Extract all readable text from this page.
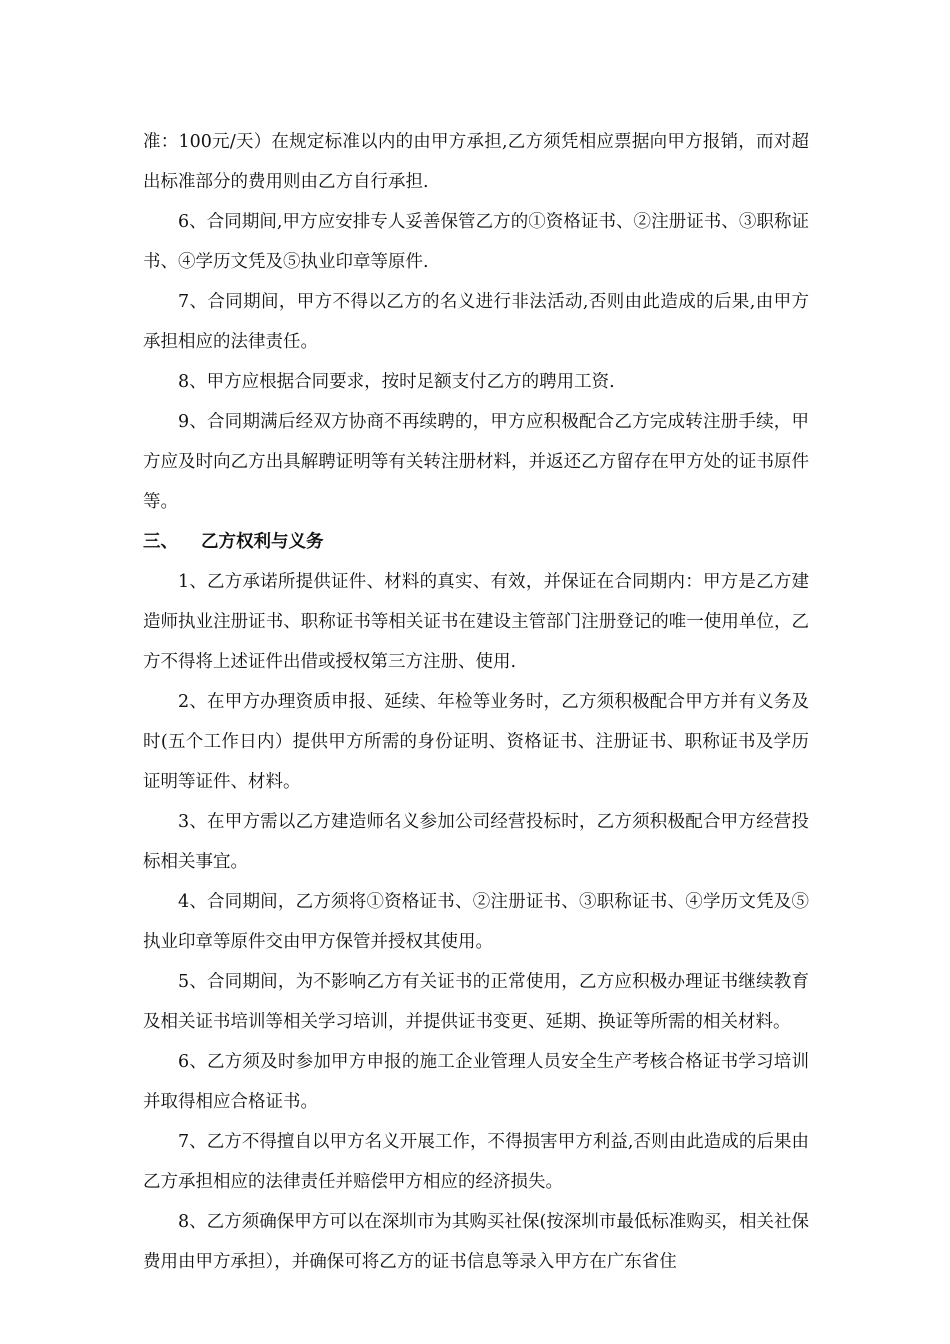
准：100元/天）在规定标准以内的由甲方承担,乙方须凭相应票据向甲方报销，而对超出标准部分的费用则由乙方自行承担.

6、合同期间,甲方应安排专人妥善保管乙方的①资格证书、②注册证书、③职称证书、④学历文凭及⑤执业印章等原件.

7、合同期间，甲方不得以乙方的名义进行非法活动,否则由此造成的后果,由甲方承担相应的法律责任。

8、甲方应根据合同要求，按时足额支付乙方的聘用工资.

9、合同期满后经双方协商不再续聘的，甲方应积极配合乙方完成转注册手续，甲方应及时向乙方出具解聘证明等有关转注册材料，并返还乙方留存在甲方处的证书原件等。

三、 乙方权利与义务

1、乙方承诺所提供证件、材料的真实、有效，并保证在合同期内：甲方是乙方建造师执业注册证书、职称证书等相关证书在建设主管部门注册登记的唯一使用单位，乙方不得将上述证件出借或授权第三方注册、使用.

2、在甲方办理资质申报、延续、年检等业务时，乙方须积极配合甲方并有义务及时(五个工作日内）提供甲方所需的身份证明、资格证书、注册证书、职称证书及学历证明等证件、材料。

3、在甲方需以乙方建造师名义参加公司经营投标时，乙方须积极配合甲方经营投标相关事宜。

4、合同期间，乙方须将①资格证书、②注册证书、③职称证书、④学历文凭及⑤执业印章等原件交由甲方保管并授权其使用。

5、合同期间，为不影响乙方有关证书的正常使用，乙方应积极办理证书继续教育及相关证书培训等相关学习培训，并提供证书变更、延期、换证等所需的相关材料。

6、乙方须及时参加甲方申报的施工企业管理人员安全生产考核合格证书学习培训并取得相应合格证书。

7、乙方不得擅自以甲方名义开展工作，不得损害甲方利益,否则由此造成的后果由乙方承担相应的法律责任并赔偿甲方相应的经济损失。

8、乙方须确保甲方可以在深圳市为其购买社保(按深圳市最低标准购买，相关社保费用由甲方承担），并确保可将乙方的证书信息等录入甲方在广东省住
